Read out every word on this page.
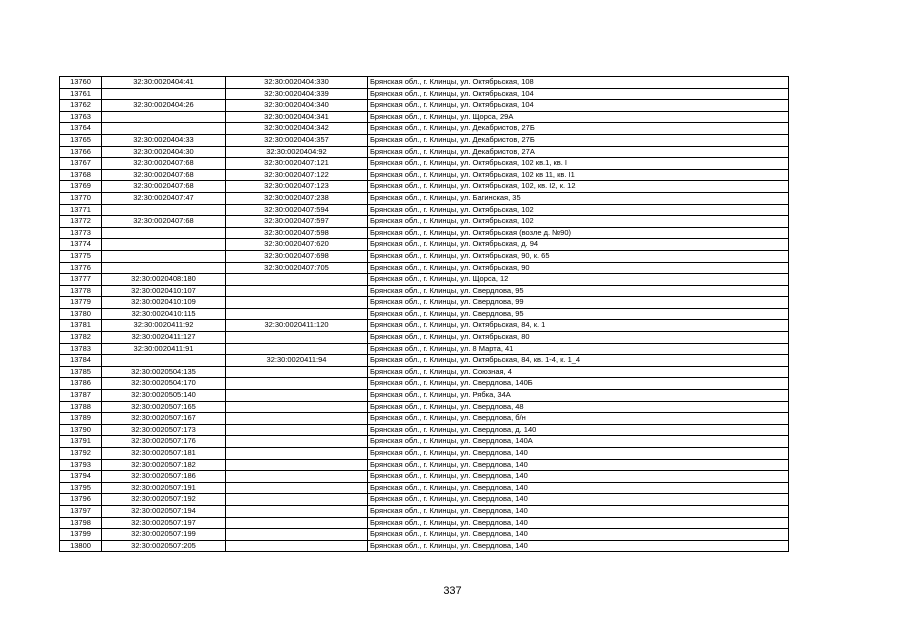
13760	32:30:0020404:41	32:30:0020404:330	Брянская обл., г. Клинцы, ул. Октябрьская, 108
13761		32:30:0020404:339	Брянская обл., г. Клинцы, ул. Октябрьская, 104
13762	32:30:0020404:26	32:30:0020404:340	Брянская обл., г. Клинцы, ул. Октябрьская, 104
13763		32:30:0020404:341	Брянская обл., г. Клинцы, ул. Щорса, 29А
13764		32:30:0020404:342	Брянская обл., г. Клинцы, ул. Декабристов, 27Б
13765	32:30:0020404:33	32:30:0020404:357	Брянская обл., г. Клинцы, ул. Декабристов, 27Б
13766	32:30:0020404:30	32:30:0020404:92	Брянская обл., г. Клинцы, ул. Декабристов, 27А
13767	32:30:0020407:68	32:30:0020407:121	Брянская обл., г. Клинцы, ул. Октябрьская, 102 кв.1, кв. I
13768	32:30:0020407:68	32:30:0020407:122	Брянская обл., г. Клинцы, ул. Октябрьская, 102 кв 11, кв. I1
13769	32:30:0020407:68	32:30:0020407:123	Брянская обл., г. Клинцы, ул. Октябрьская, 102, кв. I2, к. 12
13770	32:30:0020407:47	32:30:0020407:238	Брянская обл., г. Клинцы, ул. Багинская, 35
13771		32:30:0020407:594	Брянская обл., г. Клинцы, ул. Октябрьская, 102
13772	32:30:0020407:68	32:30:0020407:597	Брянская обл., г. Клинцы, ул. Октябрьская, 102
13773		32:30:0020407:598	Брянская обл., г. Клинцы, ул. Октябрьская (возле д. №90)
13774		32:30:0020407:620	Брянская обл., г. Клинцы, ул. Октябрьская, д. 94
13775		32:30:0020407:698	Брянская обл., г. Клинцы, ул. Октябрьская, 90, к. 65
13776		32:30:0020407:705	Брянская обл., г. Клинцы, ул. Октябрьская, 90
13777	32:30:0020408:180		Брянская обл., г. Клинцы, ул. Щорса, 12
13778	32:30:0020410:107		Брянская обл., г. Клинцы, ул. Свердлова, 95
13779	32:30:0020410:109		Брянская обл., г. Клинцы, ул. Свердлова, 99
13780	32:30:0020410:115		Брянская обл., г. Клинцы, ул. Свердлова, 95
13781	32:30:0020411:92	32:30:0020411:120	Брянская обл., г. Клинцы, ул. Октябрьская, 84, к. 1
13782	32:30:0020411:127		Брянская обл., г. Клинцы, ул. Октябрьская, 80
13783	32:30:0020411:91		Брянская обл., г. Клинцы, ул. 8 Марта, 41
13784		32:30:0020411:94	Брянская обл., г. Клинцы, ул. Октябрьская, 84, кв. 1-4, к. 1_4
13785	32:30:0020504:135		Брянская обл., г. Клинцы, ул. Союзная, 4
13786	32:30:0020504:170		Брянская обл., г. Клинцы, ул. Свердлова, 140Б
13787	32:30:0020505:140		Брянская обл., г. Клинцы, ул. Рябка, 34А
13788	32:30:0020507:165		Брянская обл., г. Клинцы, ул. Свердлова, 48
13789	32:30:0020507:167		Брянская обл., г. Клинцы, ул. Свердлова, б/н
13790	32:30:0020507:173		Брянская обл., г. Клинцы, ул. Свердлова, д. 140
13791	32:30:0020507:176		Брянская обл., г. Клинцы, ул. Свердлова, 140А
13792	32:30:0020507:181		Брянская обл., г. Клинцы, ул. Свердлова, 140
13793	32:30:0020507:182		Брянская обл., г. Клинцы, ул. Свердлова, 140
13794	32:30:0020507:186		Брянская обл., г. Клинцы, ул. Свердлова, 140
13795	32:30:0020507:191		Брянская обл., г. Клинцы, ул. Свердлова, 140
13796	32:30:0020507:192		Брянская обл., г. Клинцы, ул. Свердлова, 140
13797	32:30:0020507:194		Брянская обл., г. Клинцы, ул. Свердлова, 140
13798	32:30:0020507:197		Брянская обл., г. Клинцы, ул. Свердлова, 140
13799	32:30:0020507:199		Брянская обл., г. Клинцы, ул. Свердлова, 140
13800	32:30:0020507:205		Брянская обл., г. Клинцы, ул. Свердлова, 140
337
